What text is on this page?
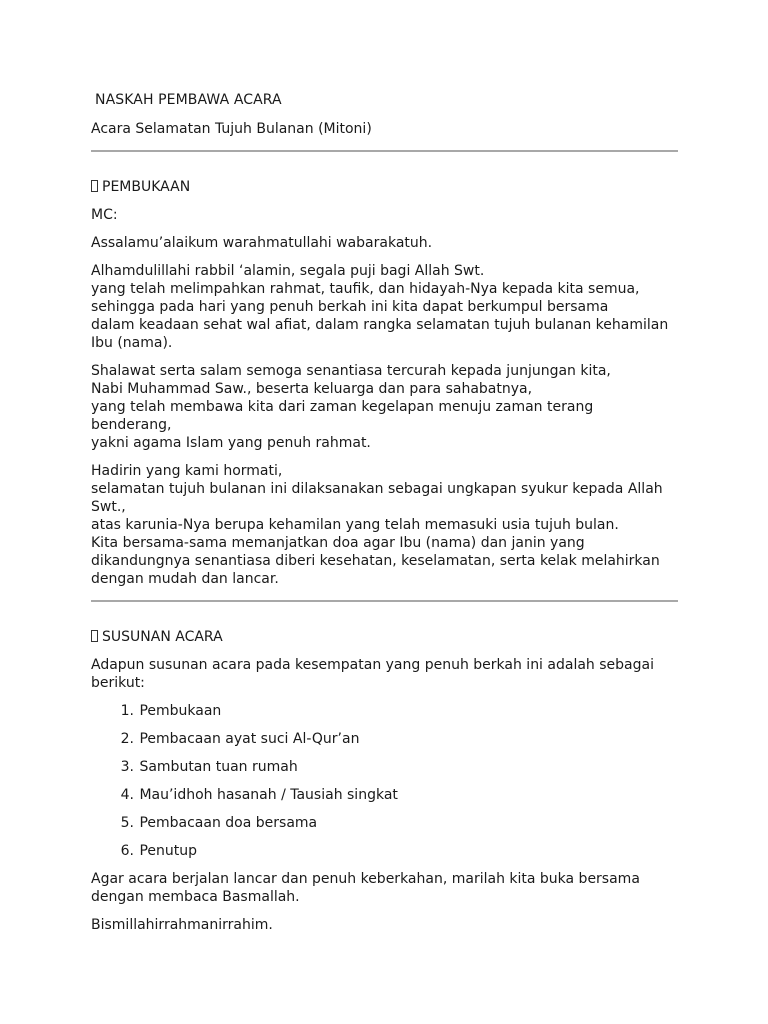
NASKAH PEMBAWA ACARA

Acara Selamatan Tujuh Bulanan (Mitoni)

PEMBUKAAN

MC:

Assalamu’alaikum warahmatullahi wabarakatuh.

Alhamdulillahi rabbil ‘alamin, segala puji bagi Allah Swt.
yang telah melimpahkan rahmat, taufik, dan hidayah-Nya kepada kita semua,
sehingga pada hari yang penuh berkah ini kita dapat berkumpul bersama
dalam keadaan sehat wal afiat, dalam rangka selamatan tujuh bulanan kehamilan
Ibu (nama).

Shalawat serta salam semoga senantiasa tercurah kepada junjungan kita,
Nabi Muhammad Saw., beserta keluarga dan para sahabatnya,
yang telah membawa kita dari zaman kegelapan menuju zaman terang benderang,
yakni agama Islam yang penuh rahmat.

Hadirin yang kami hormati,
selamatan tujuh bulanan ini dilaksanakan sebagai ungkapan syukur kepada Allah
Swt.,
atas karunia-Nya berupa kehamilan yang telah memasuki usia tujuh bulan.
Kita bersama-sama memanjatkan doa agar Ibu (nama) dan janin yang
dikandungnya senantiasa diberi kesehatan, keselamatan, serta kelak melahirkan
dengan mudah dan lancar.

SUSUNAN ACARA

Adapun susunan acara pada kesempatan yang penuh berkah ini adalah sebagai
berikut:

1.
Pembukaan
2.
Pembacaan ayat suci Al-Qur’an
3.
Sambutan tuan rumah
4.
Mau’idhoh hasanah / Tausiah singkat
5.
Pembacaan doa bersama
6.
Penutup

Agar acara berjalan lancar dan penuh keberkahan, marilah kita buka bersama
dengan membaca Basmallah.

Bismillahirrahmanirrahim.
